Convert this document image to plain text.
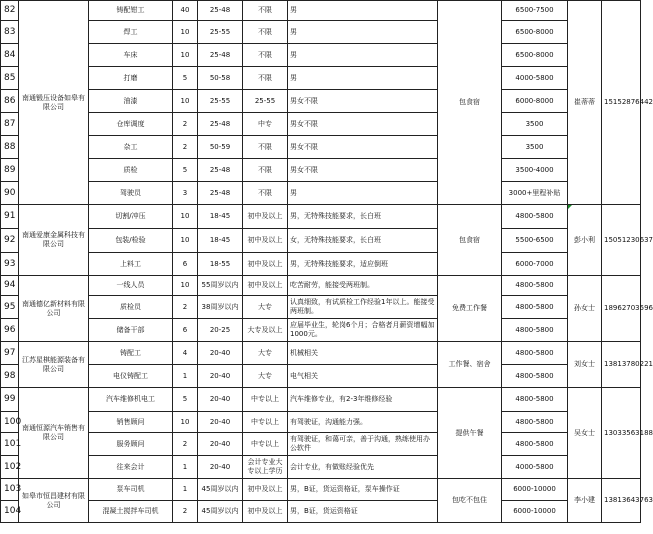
82	南通锻压设备如皋有限公司	铸配钳工	40	25-48	不限	男	包食宿	6500-7500	崔蒂蒂	15152876442
83		焊工	10	25-55	不限	男		6500-8000		
84		车床	10	25-48	不限	男		6500-8000		
85		打磨	5	50-58	不限	男		4000-5800		
86		油漆	10	25-55	25-55	男女不限		6000-8000		
87		仓库调度	2	25-48	中专	男女不限		3500		
88		杂工	2	50-59	不限	男女不限		3500		
89		质检	5	25-48	不限	男女不限		3500-4000		
90		驾驶员	3	25-48	不限	男		3000+里程补贴		
91	南通爱康金属科技有限公司	切割/冲压	10	18-45	初中及以上	男，无特殊技能要求，长白班	包食宿	4800-5800	彭小利	15051230637
92		包装/检验	10	18-45	初中及以上	女，无特殊技能要求，长白班		5500-6500		
93		上料工	6	18-55	初中及以上	男，无特殊技能要求，适应倒班		6000-7000		
94	南通德亿新材料有限公司	一线人员	10	55周岁以内	初中及以上	吃苦耐劳，能接受两班制。	免费工作餐	4800-5800	孙女士	18962703596
95		质检员	2	38周岁以内	大专	认真细致，有试质检工作经验1年以上。能接受两班制。		4800-5800		
96		储备干部	6	20-25	大专及以上	应届毕业生，轮岗6个月；合格者月薪资增幅加1000元。		4800-5800		
97	江苏星棋能源装备有限公司	铸配工	4	20-40	大专	机械相关	工作餐、宿舍	4800-5800	刘女士	13813780221
98		电仪铸配工	1	20-40	大专	电气相关		4800-5800		
99	南通恒源汽车销售有限公司	汽车维修机电工	5	20-40	中专以上	汽车维修专业，有2-3年维修经验	提供午餐	4800-5800	吴女士	13033563188
100		销售顾问	10	20-40	中专以上	有驾驶证，沟通能力强。		4800-5800		
101		服务顾问	2	20-40	中专以上	有驾驶证，和蔼可亲，善于沟通，熟练使用办公软件		4800-5800		
102		往来会计	1	20-40	会计专业大专以上学历	会计专业，有做账经验优先		4000-5800		
103	如皋市恒昌建材有限公司	泵车司机	1	45周岁以内	初中及以上	男，B证，货运资格证，泵车操作证	包吃不包住	6000-10000	李小建	13813643763
104		混凝土搅拌车司机	2	45周岁以内	初中及以上	男，B证，货运资格证		6000-10000		
